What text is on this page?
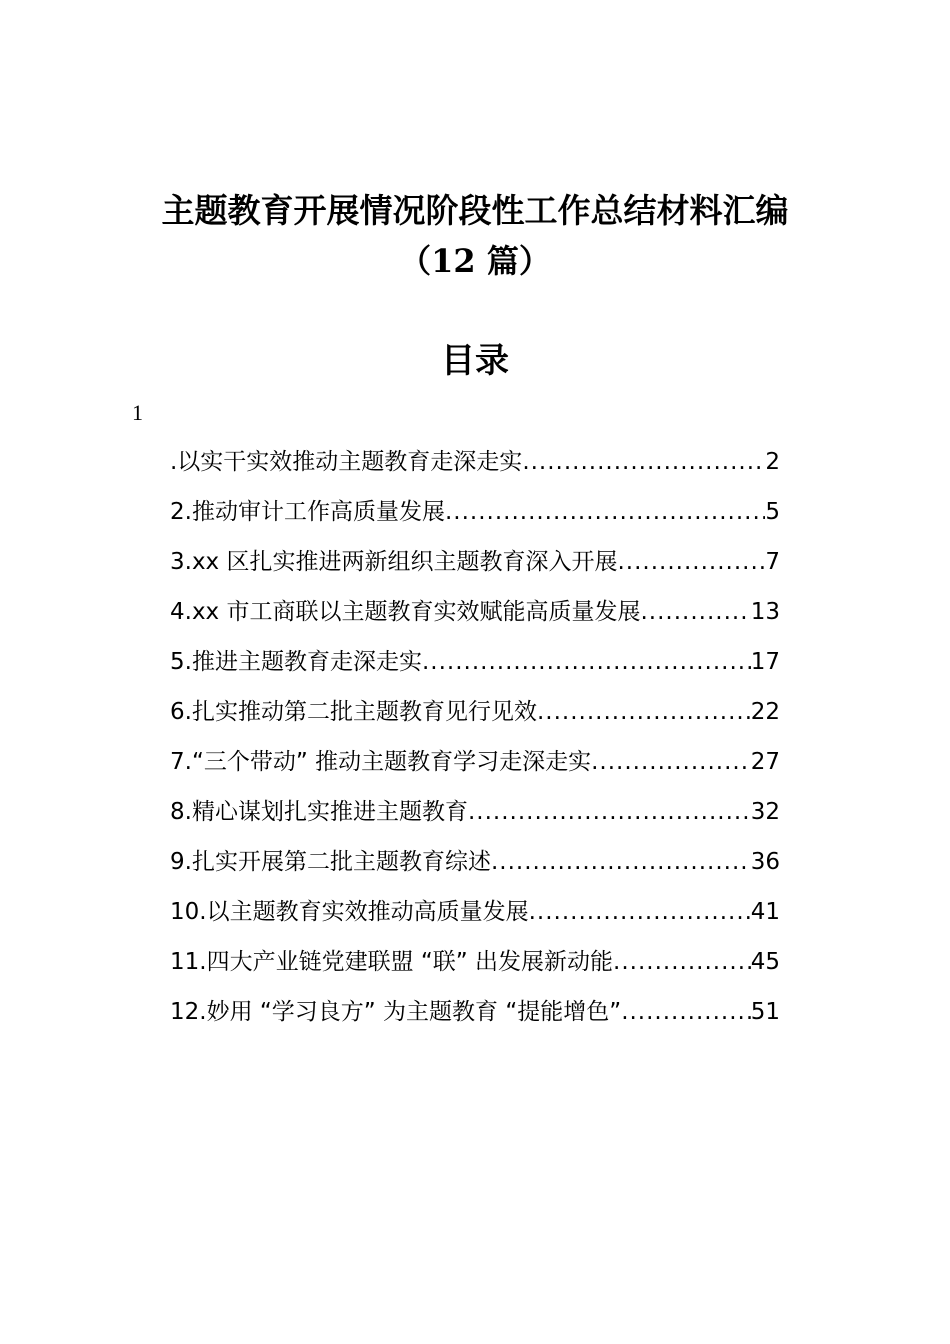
主题教育开展情况阶段性工作总结材料汇编
（12 篇）
目录
1
.以实干实效推动主题教育走深走实 .....	2
2.推动审计工作高质量发展 .....	5
3.xx 区扎实推进两新组织主题教育深入开展 .....	7
4.xx 市工商联以主题教育实效赋能高质量发展 .....	13
5.推进主题教育走深走实 .....	17
6.扎实推动第二批主题教育见行见效 .....	22
7.“三个带动” 推动主题教育学习走深走实 .....	27
8.精心谋划扎实推进主题教育 .....	32
9.扎实开展第二批主题教育综述 .....	36
10.以主题教育实效推动高质量发展 .....	41
11.四大产业链党建联盟 “联” 出发展新动能 .....	45
12.妙用 “学习良方” 为主题教育 “提能增色” .....	51
